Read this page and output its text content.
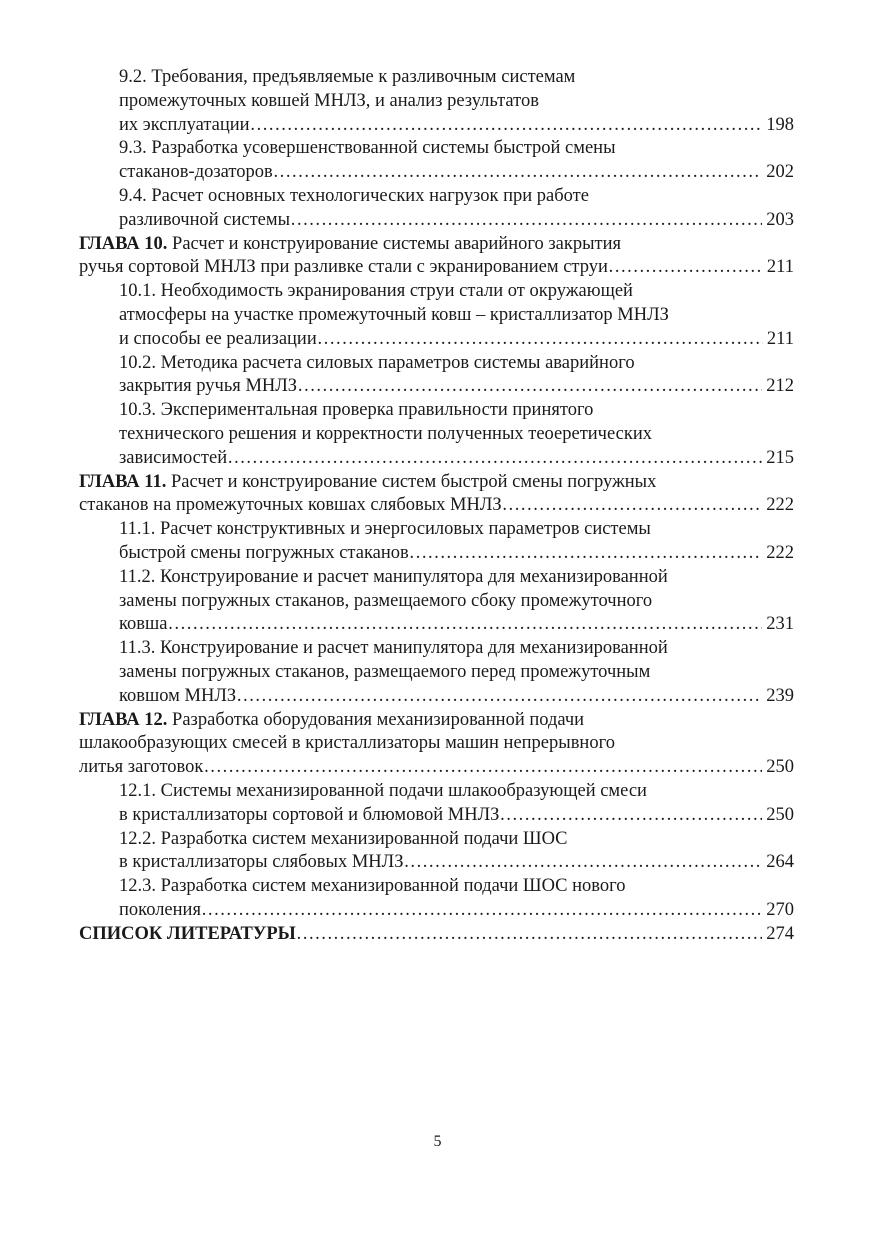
9.2. Требования, предъявляемые к разливочным системам
промежуточных ковшей МНЛЗ, и анализ результатов
их эксплуатации ……………………………………………………………………………………………………………………………………………………………………………………	198
9.3. Разработка усовершенствованной системы быстрой смены
стаканов-дозаторов ……………………………………………………………………………………………………………………………………………………………………………………	202
9.4. Расчет основных технологических нагрузок при работе
разливочной системы ……………………………………………………………………………………………………………………………………………………………………………………	203
ГЛАВА 10. Расчет и конструирование системы аварийного закрытия
ручья сортовой МНЛЗ при разливке стали с экранированием струи ……………………………………………………………………………………………………………………………………………………………………………………	211
10.1. Необходимость экранирования струи стали от окружающей
атмосферы на участке промежуточный ковш – кристаллизатор МНЛЗ
и способы ее реализации ……………………………………………………………………………………………………………………………………………………………………………………	211
10.2. Методика расчета силовых параметров системы аварийного
закрытия ручья МНЛЗ ……………………………………………………………………………………………………………………………………………………………………………………	212
10.3. Экспериментальная проверка правильности принятого
технического решения и корректности полученных теоеретических
зависимостей ……………………………………………………………………………………………………………………………………………………………………………………	215
ГЛАВА 11. Расчет и конструирование систем быстрой смены погружных
стаканов на промежуточных ковшах слябовых МНЛЗ ……………………………………………………………………………………………………………………………………………………………………………………	222
11.1. Расчет конструктивных и энергосиловых параметров системы
быстрой смены погружных стаканов ……………………………………………………………………………………………………………………………………………………………………………………	222
11.2. Конструирование и расчет манипулятора для механизированной
замены погружных стаканов, размещаемого сбоку промежуточного
ковша ……………………………………………………………………………………………………………………………………………………………………………………	231
11.3. Конструирование и расчет манипулятора для механизированной
замены погружных стаканов, размещаемого перед промежуточным
ковшом МНЛЗ ……………………………………………………………………………………………………………………………………………………………………………………	239
ГЛАВА 12. Разработка оборудования механизированной подачи
шлакообразующих смесей в кристаллизаторы машин непрерывного
литья заготовок ……………………………………………………………………………………………………………………………………………………………………………………	250
12.1. Системы механизированной подачи шлакообразующей смеси
в кристаллизаторы сортовой и блюмовой МНЛЗ ……………………………………………………………………………………………………………………………………………………………………………………	250
12.2. Разработка систем механизированной подачи ШОС
в кристаллизаторы слябовых МНЛЗ ……………………………………………………………………………………………………………………………………………………………………………………	264
12.3. Разработка систем механизированной подачи ШОС нового
поколения ……………………………………………………………………………………………………………………………………………………………………………………	270
СПИСОК ЛИТЕРАТУРЫ ……………………………………………………………………………………………………………………………………………………………………………………	274
5
